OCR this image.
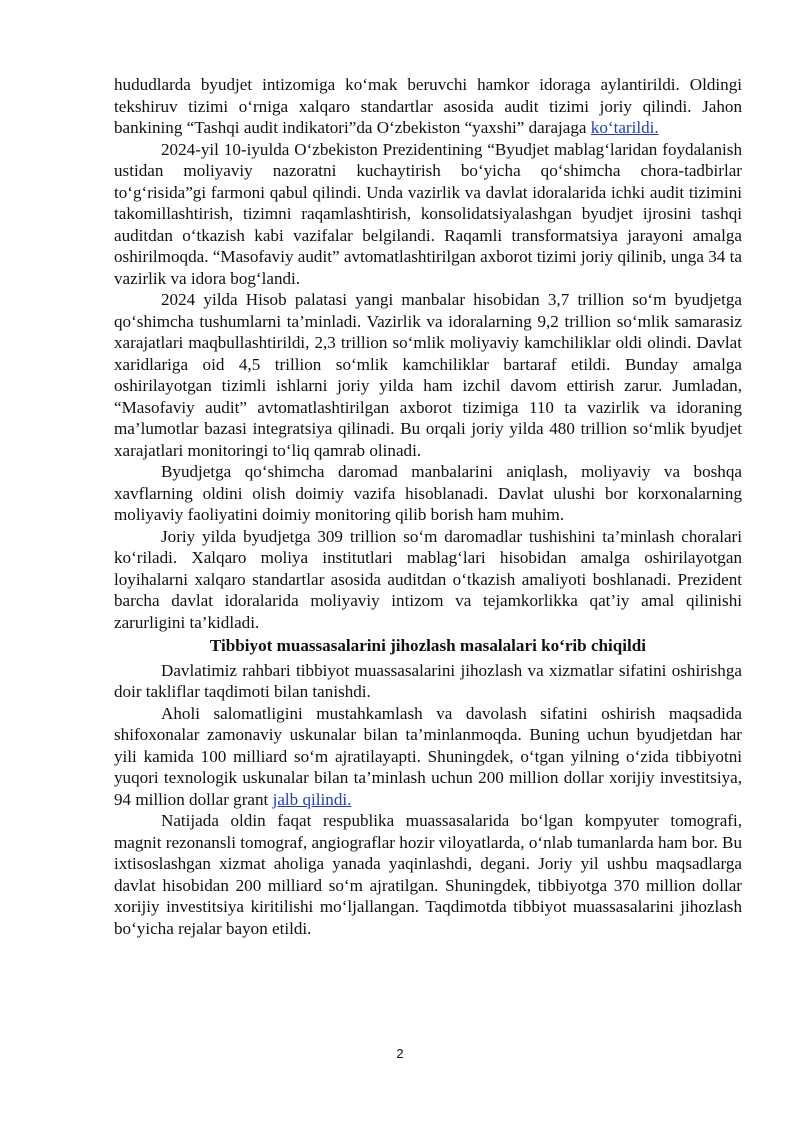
hududlarda byudjet intizomiga ko‘mak beruvchi hamkor idoraga aylantirildi. Oldingi tekshiruv tizimi o‘rniga xalqaro standartlar asosida audit tizimi joriy qilindi. Jahon bankining “Tashqi audit indikatori”da O‘zbekiston “yaxshi” darajaga ko‘tarildi.

2024-yil 10-iyulda O‘zbekiston Prezidentining “Byudjet mablag‘laridan foydalanish ustidan moliyaviy nazoratni kuchaytirish bo‘yicha qo‘shimcha chora-tadbirlar to‘g‘risida”gi farmoni qabul qilindi. Unda vazirlik va davlat idoralarida ichki audit tizimini takomillashtirish, tizimni raqamlashtirish, konsolidatsiyalashgan byudjet ijrosini tashqi auditdan o‘tkazish kabi vazifalar belgilandi. Raqamli transformatsiya jarayoni amalga oshirilmoqda. “Masofaviy audit” avtomatlashtirilgan axborot tizimi joriy qilinib, unga 34 ta vazirlik va idora bog‘landi.

2024 yilda Hisob palatasi yangi manbalar hisobidan 3,7 trillion so‘m byudjetga qo‘shimcha tushumlarni ta’minladi. Vazirlik va idoralarning 9,2 trillion so‘mlik samarasiz xarajatlari maqbullashtirildi, 2,3 trillion so‘mlik moliyaviy kamchiliklar oldi olindi. Davlat xaridlariga oid 4,5 trillion so‘mlik kamchiliklar bartaraf etildi. Bunday amalga oshirilayotgan tizimli ishlarni joriy yilda ham izchil davom ettirish zarur. Jumladan, “Masofaviy audit” avtomatlashtirilgan axborot tizimiga 110 ta vazirlik va idoraning ma’lumotlar bazasi integratsiya qilinadi. Bu orqali joriy yilda 480 trillion so‘mlik byudjet xarajatlari monitoringi to‘liq qamrab olinadi.

Byudjetga qo‘shimcha daromad manbalarini aniqlash, moliyaviy va boshqa xavflarning oldini olish doimiy vazifa hisoblanadi. Davlat ulushi bor korxonalarning moliyaviy faoliyatini doimiy monitoring qilib borish ham muhim.

Joriy yilda byudjetga 309 trillion so‘m daromadlar tushishini ta’minlash choralari ko‘riladi. Xalqaro moliya institutlari mablag‘lari hisobidan amalga oshirilayotgan loyihalarni xalqaro standartlar asosida auditdan o‘tkazish amaliyoti boshlanadi. Prezident barcha davlat idoralarida moliyaviy intizom va tejamkorlikka qat’iy amal qilinishi zarurligini ta’kidladi.

Tibbiyot muassasalarini jihozlash masalalari ko‘rib chiqildi

Davlatimiz rahbari tibbiyot muassasalarini jihozlash va xizmatlar sifatini oshirishga doir takliflar taqdimoti bilan tanishdi.

Aholi salomatligini mustahkamlash va davolash sifatini oshirish maqsadida shifoxonalar zamonaviy uskunalar bilan ta’minlanmoqda. Buning uchun byudjetdan har yili kamida 100 milliard so‘m ajratilayapti. Shuningdek, o‘tgan yilning o‘zida tibbiyotni yuqori texnologik uskunalar bilan ta’minlash uchun 200 million dollar xorijiy investitsiya, 94 million dollar grant jalb qilindi.

Natijada oldin faqat respublika muassasalarida bo‘lgan kompyuter tomografi, magnit rezonansli tomograf, angiograflar hozir viloyatlarda, o‘nlab tumanlarda ham bor. Bu ixtisoslashgan xizmat aholiga yanada yaqinlashdi, degani. Joriy yil ushbu maqsadlarga davlat hisobidan 200 milliard so‘m ajratilgan. Shuningdek, tibbiyotga 370 million dollar xorijiy investitsiya kiritilishi mo‘ljallangan. Taqdimotda tibbiyot muassasalarini jihozlash bo‘yicha rejalar bayon etildi.

2
